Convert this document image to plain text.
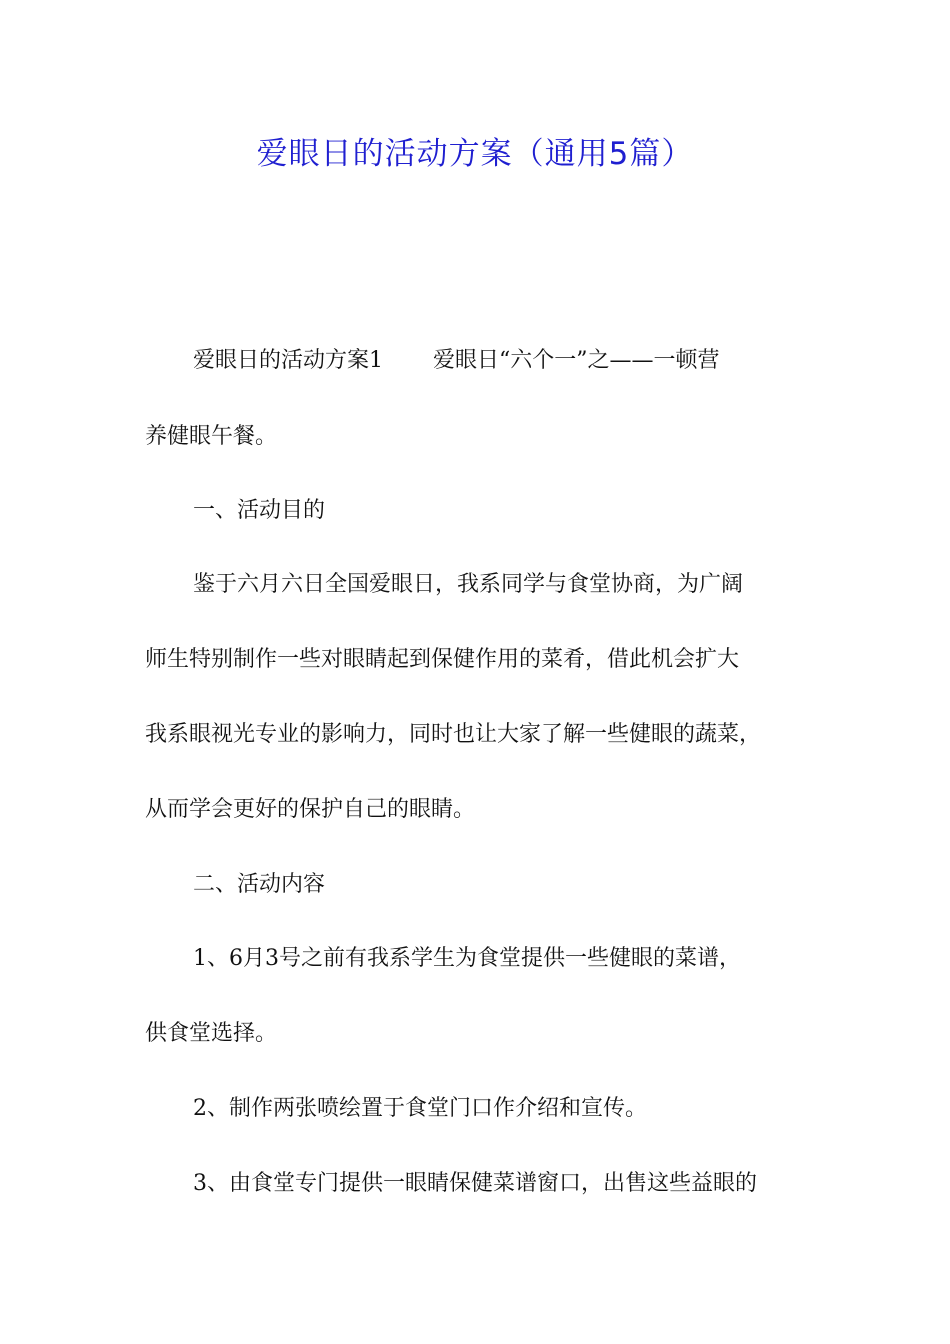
爱眼日的活动方案（通用5篇）
爱眼日的活动方案1 爱眼日“六个一”之——一顿营
养健眼午餐。
一、活动目的
鉴于六月六日全国爱眼日，我系同学与食堂协商，为广阔
师生特别制作一些对眼睛起到保健作用的菜肴，借此机会扩大
我系眼视光专业的影响力，同时也让大家了解一些健眼的蔬菜，
从而学会更好的保护自己的眼睛。
二、活动内容
1、6月3号之前有我系学生为食堂提供一些健眼的菜谱，
供食堂选择。
2、制作两张喷绘置于食堂门口作介绍和宣传。
3、由食堂专门提供一眼睛保健菜谱窗口，出售这些益眼的
